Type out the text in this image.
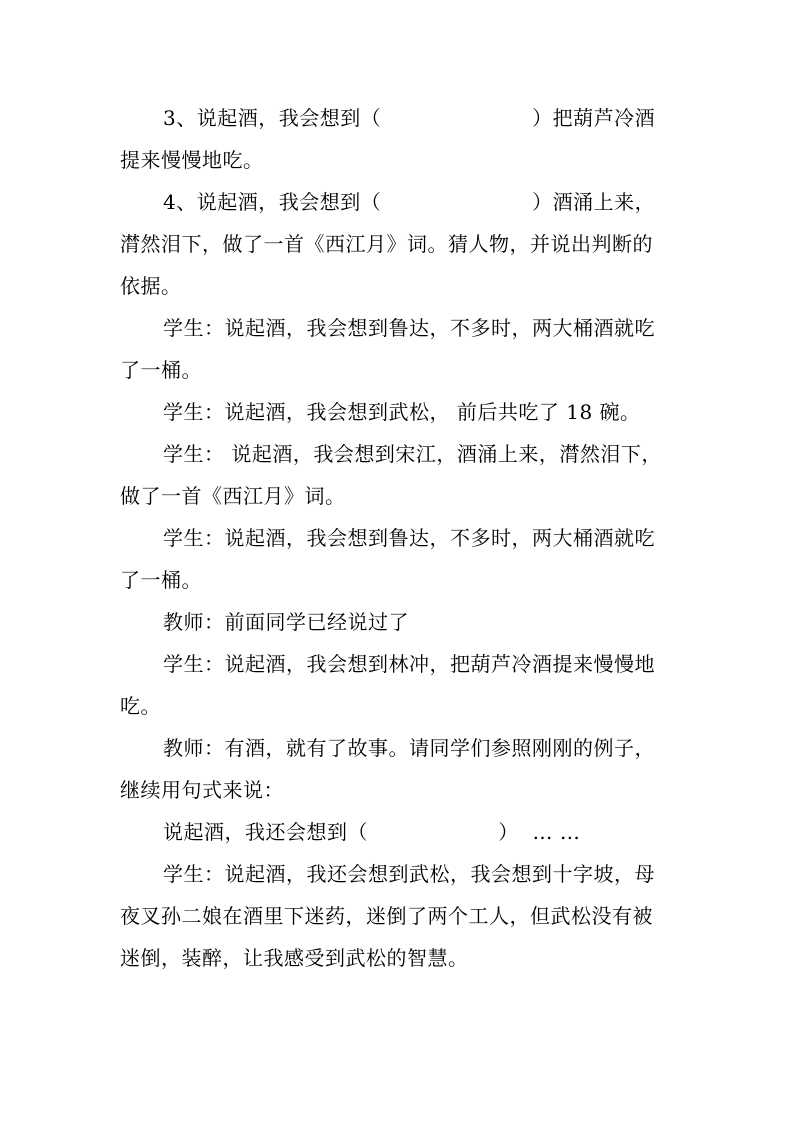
3、说起酒，我会想到（                      ）把葫芦冷酒
提来慢慢地吃。
4、说起酒，我会想到（                      ）酒涌上来，
潸然泪下，做了一首《西江月》词。猜人物，并说出判断的
依据。
学生：说起酒，我会想到鲁达，不多时，两大桶酒就吃
了一桶。
学生：说起酒，我会想到武松， 前后共吃了 18 碗。
学生： 说起酒，我会想到宋江，酒涌上来，潸然泪下，
做了一首《西江月》词。
学生：说起酒，我会想到鲁达，不多时，两大桶酒就吃
了一桶。
教师：前面同学已经说过了
学生：说起酒，我会想到林冲，把葫芦冷酒提来慢慢地
吃。
教师：有酒，就有了故事。请同学们参照刚刚的例子，
继续用句式来说：
说起酒，我还会想到（                   ）  … …
学生：说起酒，我还会想到武松，我会想到十字坡，母
夜叉孙二娘在酒里下迷药，迷倒了两个工人，但武松没有被
迷倒，装醉，让我感受到武松的智慧。
